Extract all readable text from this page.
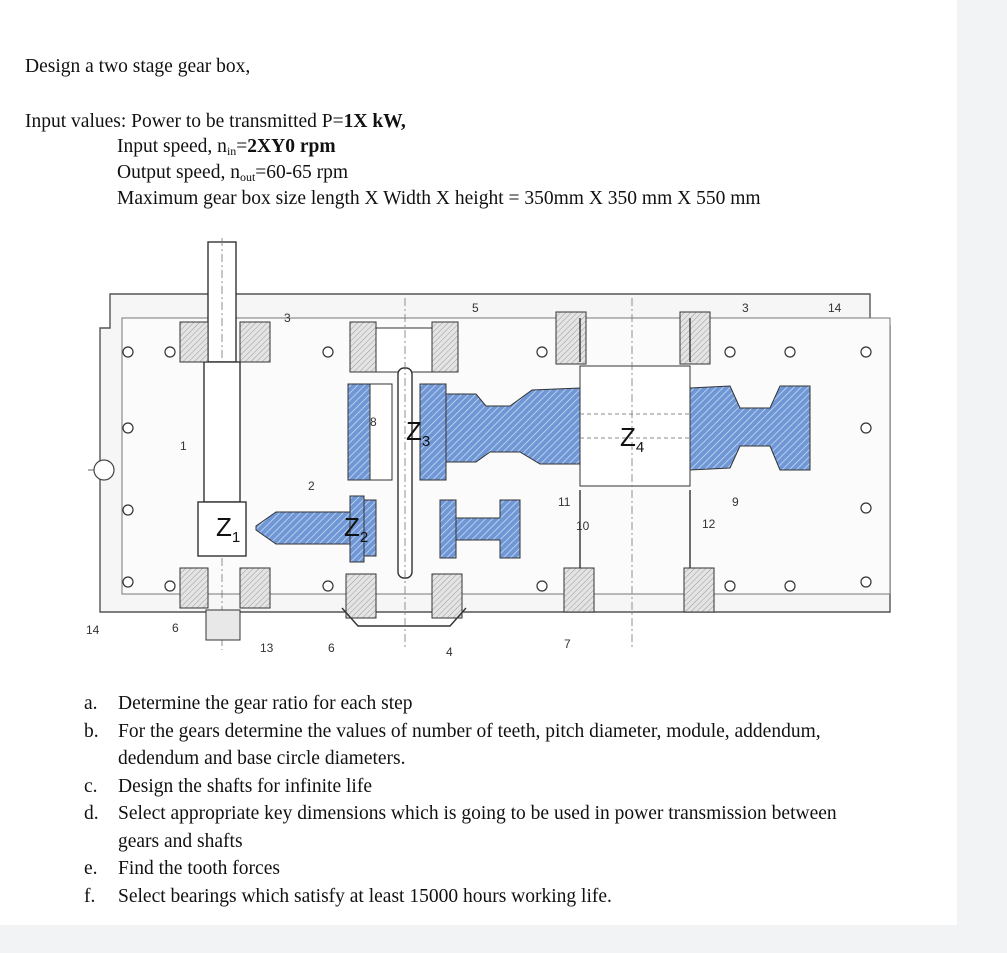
Design a two stage gear box,
Input values: Power to be transmitted P=1X kW,
Input speed, $n_{in}=2XY0$ rpm
Output speed, $n_{out}=60-65$ rpm
Maximum gear box size length X Width X height = 350mm X 350 mm X 550 mm
$Z_1$	$Z_2$
$Z_3$	$Z_4$
3
5	3	14
8
1
2
9
11
10	12
14	6
13	6	4
7
a. Determine the gear ratio for each step
b. For the gears determine the values of number of teeth, pitch diameter, module, addendum, dedendum and base circle diameters.
c. Design the shafts for infinite life
d. Select appropriate key dimensions which is going to be used in power transmission between gears and shafts
e. Find the tooth forces
f. Select bearings which satisfy at least 15000 hours working life.
